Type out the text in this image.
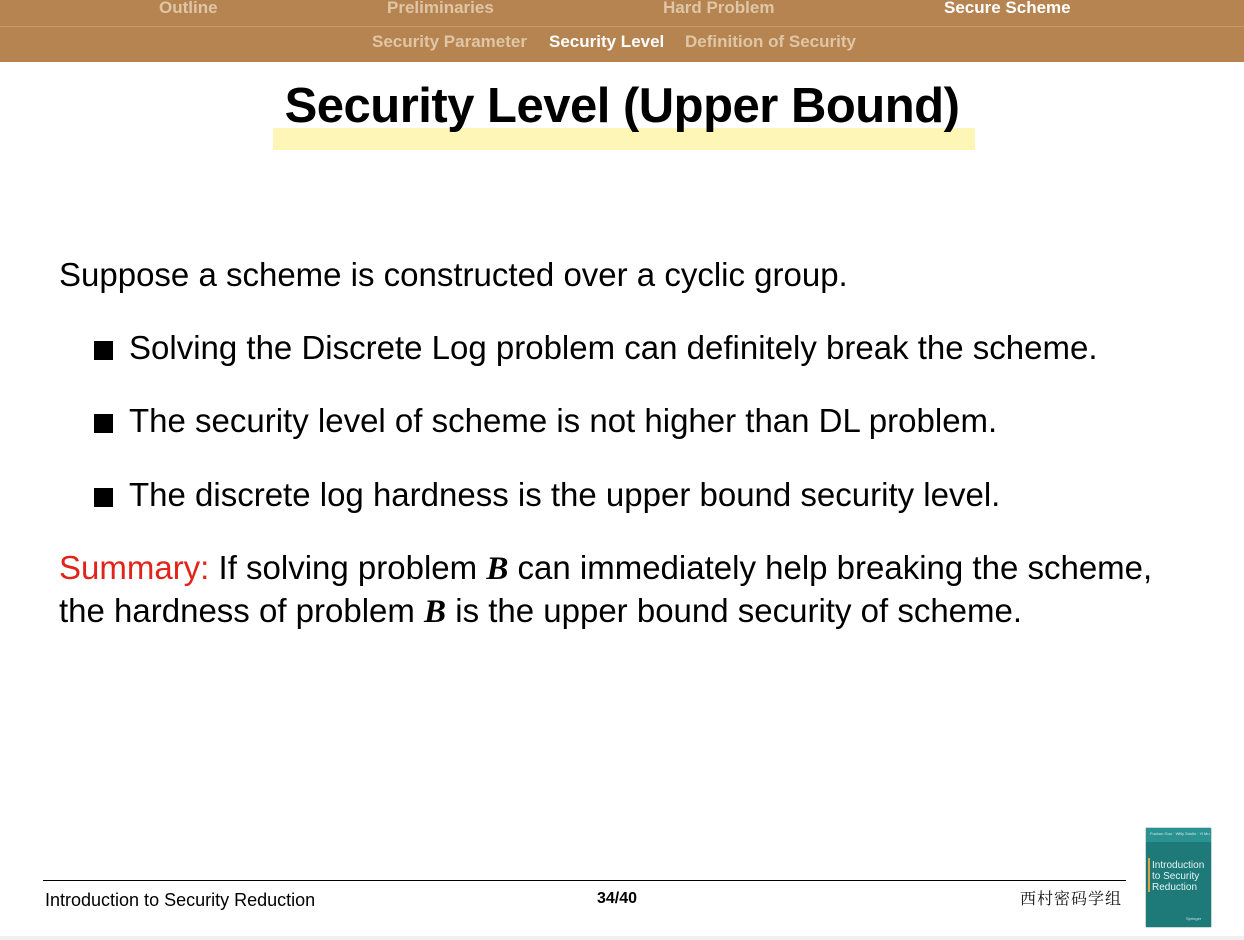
Outline	Preliminaries	Hard Problem	Secure Scheme
Security Parameter Security Level Definition of Security
Security Level (Upper Bound)
Suppose a scheme is constructed over a cyclic group.
Solving the Discrete Log problem can definitely break the scheme.
The security level of scheme is not higher than DL problem.
The discrete log hardness is the upper bound security level.
Summary: If solving problem B can immediately help breaking the scheme, the hardness of problem B is the upper bound security of scheme.
Introduction to Security Reduction	34/40	西村密码学组
Fuchun Guo · Willy Susilo · Yi Mu
Introduction to Security Reduction
Springer
